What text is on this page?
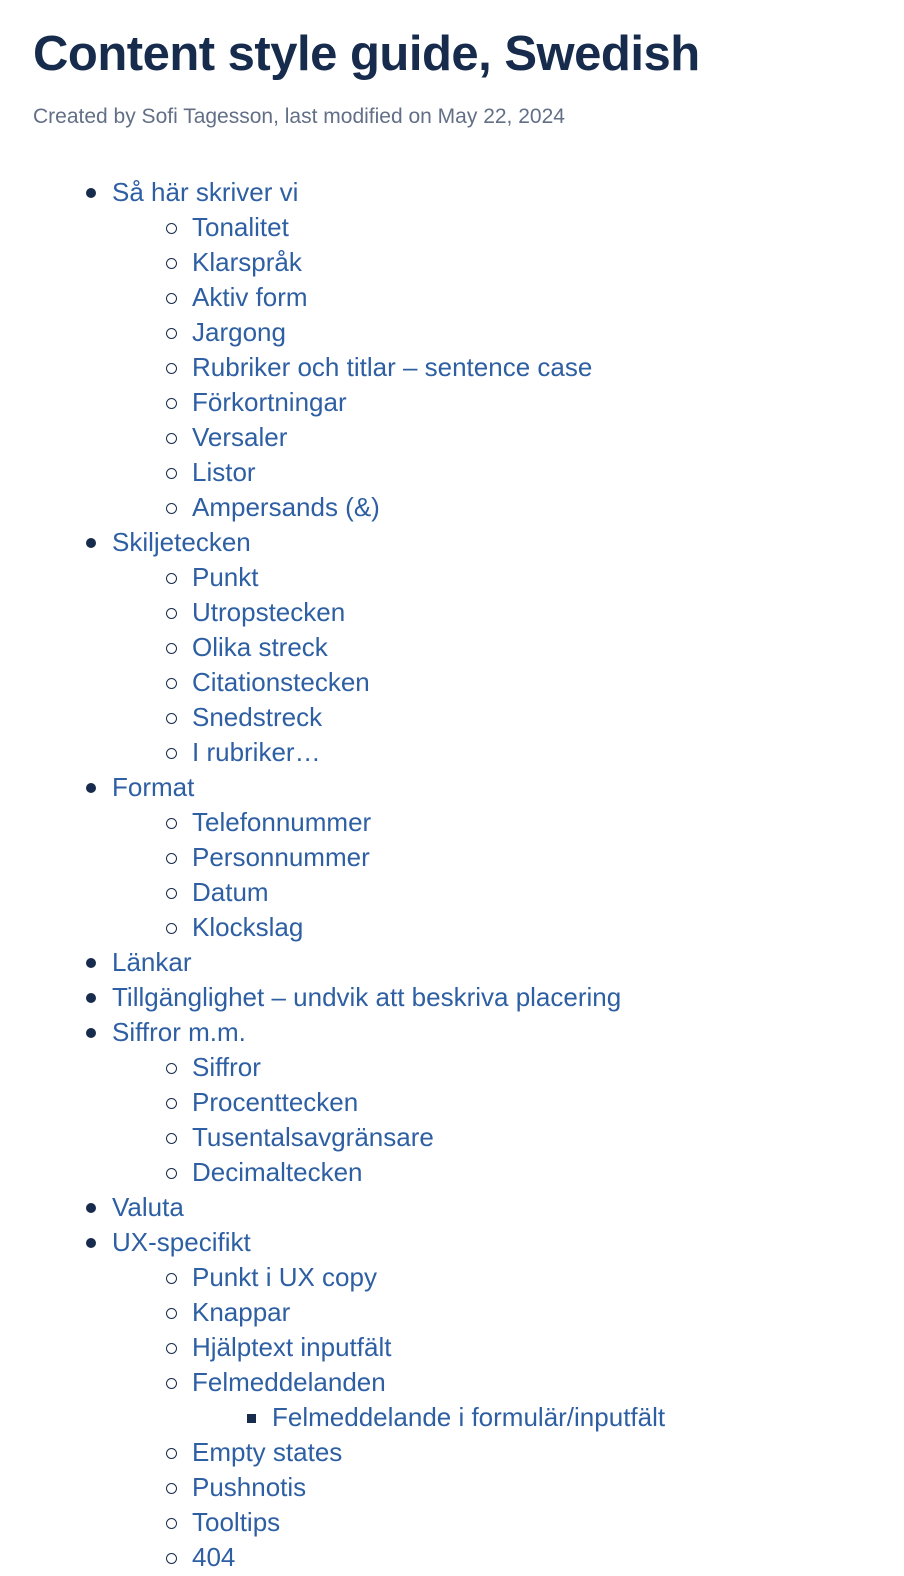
Content style guide, Swedish

Created by Sofi Tagesson, last modified on May 22, 2024

Så här skriver vi
Tonalitet
Klarspråk
Aktiv form
Jargong
Rubriker och titlar – sentence case
Förkortningar
Versaler
Listor
Ampersands (&)
Skiljetecken
Punkt
Utropstecken
Olika streck
Citationstecken
Snedstreck
I rubriker…
Format
Telefonnummer
Personnummer
Datum
Klockslag
Länkar
Tillgänglighet – undvik att beskriva placering
Siffror m.m.
Siffror
Procenttecken
Tusentalsavgränsare
Decimaltecken
Valuta
UX-specifikt
Punkt i UX copy
Knappar
Hjälptext inputfält
Felmeddelanden
Felmeddelande i formulär/inputfält
Empty states
Pushnotis
Tooltips
404
